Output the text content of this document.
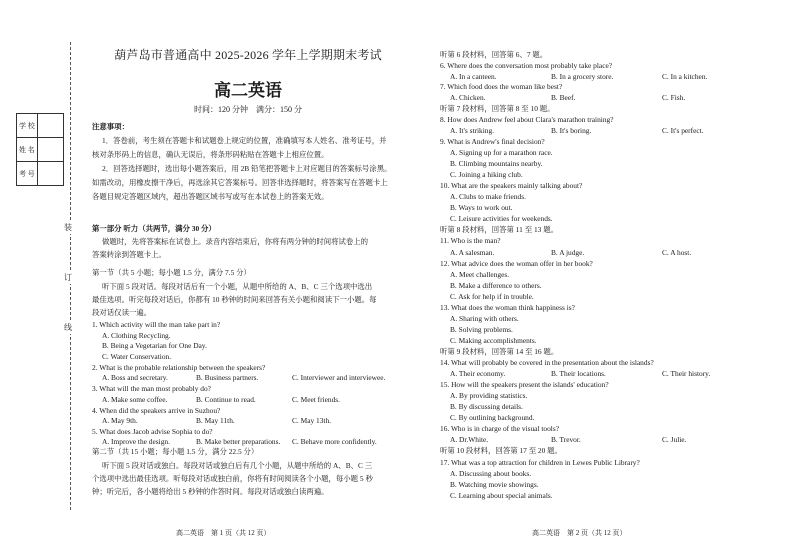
装
订
线
学 校	
姓 名	
考 号	
葫芦岛市普通高中 2025-2026 学年上学期期末考试
高二英语
时间：120 分钟　满分：150 分
注意事项：
1．答卷前，考生须在答题卡和试题卷上规定的位置，准确填写本人姓名、准考证号，并
核对条形码上的信息，确认无误后，将条形码粘贴在答题卡上相应位置。
2．回答选择题时，选出每小题答案后，用 2B 铅笔把答题卡上对应题目的答案标号涂黑。
如需改动，用橡皮擦干净后，再选涂其它答案标号。回答非选择题时，将答案写在答题卡上
各题目规定答题区域内，超出答题区域书写或写在本试卷上的答案无效。
第一部分 听力（共两节，满分 30 分）
做题时，先将答案标在试卷上。录音内容结束后，你将有两分钟的时间将试卷上的
答案转涂到答题卡上。
第一节（共 5 小题；每小题 1.5 分，满分 7.5 分）
听下面 5 段对话。每段对话后有一个小题，从题中所给的 A、B、C 三个选项中选出
最佳选项。听完每段对话后，你都有 10 秒钟的时间来回答有关小题和阅读下一小题。每
段对话仅读一遍。
1. Which activity will the man take part in?
A. Clothing Recycling.
B. Being a Vegetarian for One Day.
C. Water Conservation.
2. What is the probable relationship between the speakers?
A. Boss and secretary.	B. Business partners.	C. Interviewer and interviewee.
3. What will the man most probably do?
A. Make some coffee.	B. Continue to read.	C. Meet friends.
4. When did the speakers arrive in Suzhou?
A. May 9th.	B. May 11th.	C. May 13th.
5. What does Jacob advise Sophia to do?
A. Improve the design.	B. Make better preparations. C. Behave more confidently.
第二节（共 15 小题；每小题 1.5 分，满分 22.5 分）
听下面 5 段对话或独白。每段对话或独白后有几个小题，从题中所给的 A、B、C 三
个选项中选出最佳选项。听每段对话或独白前，你将有时间阅读各个小题，每小题 5 秒
钟；听完后，各小题将给出 5 秒钟的作答时间。每段对话或独白读两遍。
高二英语　第 1 页（共 12 页）
听第 6 段材料，回答第 6、7 题。
6. Where does the conversation most probably take place?
A. In a canteen.	B. In a grocery store.	C. In a kitchen.
7. Which food does the woman like best?
A. Chicken.	B. Beef.	C. Fish.
听第 7 段材料，回答第 8 至 10 题。
8. How does Andrew feel about Clara's marathon training?
A. It's striking.	B. It's boring.	C. It's perfect.
9. What is Andrew's final decision?
A. Signing up for a marathon race.
B. Climbing mountains nearby.
C. Joining a hiking club.
10. What are the speakers mainly talking about?
A. Clubs to make friends.
B. Ways to work out.
C. Leisure activities for weekends.
听第 8 段材料，回答第 11 至 13 题。
11. Who is the man?
A. A salesman.	B. A judge.	C. A host.
12. What advice does the woman offer in her book?
A. Meet challenges.
B. Make a difference to others.
C. Ask for help if in trouble.
13. What does the woman think happiness is?
A. Sharing with others.
B. Solving problems.
C. Making accomplishments.
听第 9 段材料，回答第 14 至 16 题。
14. What will probably be covered in the presentation about the islands?
A. Their economy.	B. Their locations.	C. Their history.
15. How will the speakers present the islands' education?
A. By providing statistics.
B. By discussing details.
C. By outlining background.
16. Who is in charge of the visual tools?
A. Dr.White.	B. Trevor.	C. Julie.
听第 10 段材料，回答第 17 至 20 题。
17. What was a top attraction for children in Lewes Public Library?
A. Discussing about books.
B. Watching movie showings.
C. Learning about special animals.
高二英语　第 2 页（共 12 页）
